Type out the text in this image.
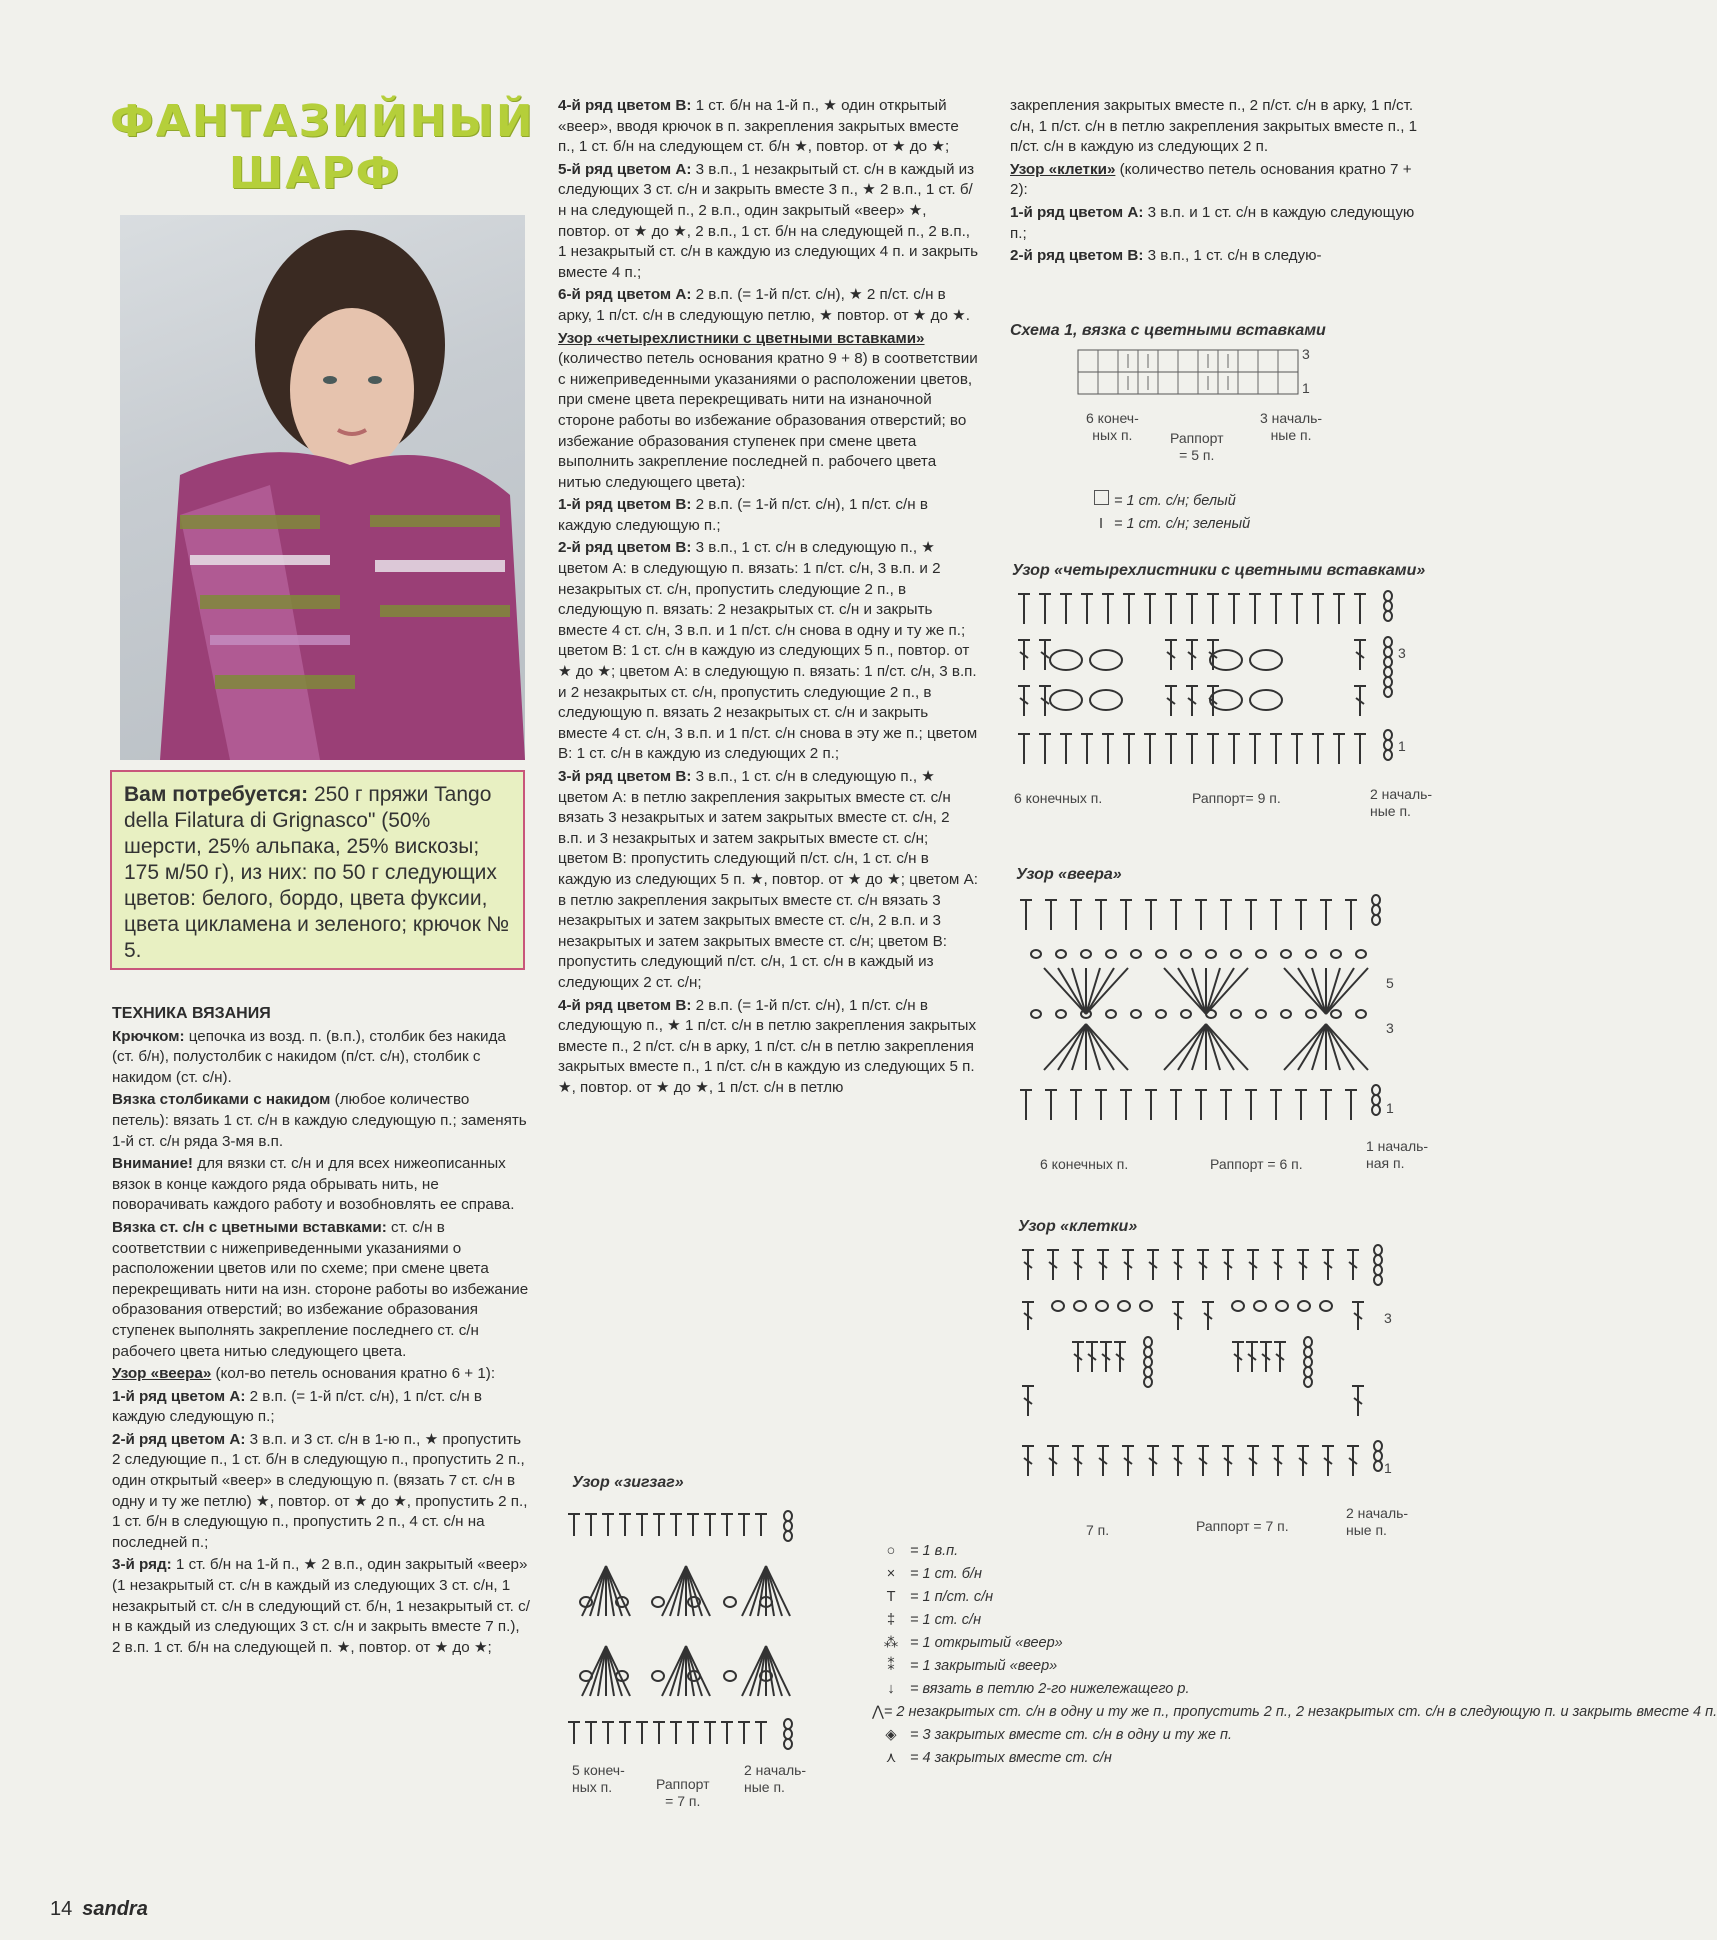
ФАНТАЗИЙНЫЙ
ШАРФ
Вам потребуется: 250 г пряжи Tango della Filatura di Grignasco" (50% шерсти, 25% альпака, 25% вискозы; 175 м/50 г), из них: по 50 г следующих цветов: белого, бордо, цвета фуксии, цвета цикламена и зеленого; крючок № 5.
ТЕХНИКА ВЯЗАНИЯ

Крючком: цепочка из возд. п. (в.п.), столбик без накида (ст. б/н), полустолбик с накидом (п/ст. с/н), столбик с накидом (ст. с/н).

Вязка столбиками с накидом (любое количество петель): вязать 1 ст. с/н в каждую следующую п.; заменять 1-й ст. с/н ряда 3-мя в.п.

Внимание! для вязки ст. с/н и для всех нижеописанных вязок в конце каждого ряда обрывать нить, не поворачивать каждого работу и возобновлять ее справа.

Вязка ст. с/н с цветными вставками: ст. с/н в соответствии с нижеприведенными указаниями о расположении цветов или по схеме; при смене цвета перекрещивать нити на изн. стороне работы во избежание образования отверстий; во избежание образования ступенек выполнять закрепление последнего ст. с/н рабочего цвета нитью следующего цвета.

Узор «веера» (кол-во петель основания кратно 6 + 1):

1-й ряд цветом А: 2 в.п. (= 1-й п/ст. с/н), 1 п/ст. с/н в каждую следующую п.;

2-й ряд цветом А: 3 в.п. и 3 ст. с/н в 1-ю п., ★ пропустить 2 следующие п., 1 ст. б/н в следующую п., пропустить 2 п., один открытый «веер» в следующую п. (вязать 7 ст. с/н в одну и ту же петлю) ★, повтор. от ★ до ★, пропустить 2 п., 1 ст. б/н в следующую п., пропустить 2 п., 4 ст. с/н на последней п.;

3-й ряд: 1 ст. б/н на 1-й п., ★ 2 в.п., один закрытый «веер» (1 незакрытый ст. с/н в каждый из следующих 3 ст. с/н, 1 незакрытый ст. с/н в следующий ст. б/н, 1 незакрытый ст. с/н в каждый из следующих 3 ст. с/н и закрыть вместе 7 п.), 2 в.п. 1 ст. б/н на следующей п. ★, повтор. от ★ до ★;

4-й ряд цветом В: 1 ст. б/н на 1-й п., ★ один открытый «веер», вводя крючок в п. закрепления закрытых вместе п., 1 ст. б/н на следующем ст. б/н ★, повтор. от ★ до ★;

5-й ряд цветом А: 3 в.п., 1 незакрытый ст. с/н в каждый из следующих 3 ст. с/н и закрыть вместе 3 п., ★ 2 в.п., 1 ст. б/н на следующей п., 2 в.п., один закрытый «веер» ★, повтор. от ★ до ★, 2 в.п., 1 ст. б/н на следующей п., 2 в.п., 1 незакрытый ст. с/н в каждую из следующих 4 п. и закрыть вместе 4 п.;

6-й ряд цветом А: 2 в.п. (= 1-й п/ст. с/н), ★ 2 п/ст. с/н в арку, 1 п/ст. с/н в следующую петлю, ★ повтор. от ★ до ★.

Узор «четырехлистники с цветными вставками» (количество петель основания кратно 9 + 8) в соответствии с нижеприведенными указаниями о расположении цветов, при смене цвета перекрещивать нити на изнаночной стороне работы во избежание образования отверстий; во избежание образования ступенек при смене цвета выполнить закрепление последней п. рабочего цвета нитью следующего цвета):

1-й ряд цветом В: 2 в.п. (= 1-й п/ст. с/н), 1 п/ст. с/н в каждую следующую п.;

2-й ряд цветом В: 3 в.п., 1 ст. с/н в следующую п., ★ цветом А: в следующую п. вязать: 1 п/ст. с/н, 3 в.п. и 2 незакрытых ст. с/н, пропустить следующие 2 п., в следующую п. вязать: 2 незакрытых ст. с/н и закрыть вместе 4 ст. с/н, 3 в.п. и 1 п/ст. с/н снова в одну и ту же п.; цветом В: 1 ст. с/н в каждую из следующих 5 п., повтор. от ★ до ★; цветом А: в следующую п. вязать: 1 п/ст. с/н, 3 в.п. и 2 незакрытых ст. с/н, пропустить следующие 2 п., в следующую п. вязать 2 незакрытых ст. с/н и закрыть вместе 4 ст. с/н, 3 в.п. и 1 п/ст. с/н снова в эту же п.; цветом В: 1 ст. с/н в каждую из следующих 2 п.;

3-й ряд цветом В: 3 в.п., 1 ст. с/н в следующую п., ★ цветом А: в петлю закрепления закрытых вместе ст. с/н вязать 3 незакрытых и затем закрытых вместе ст. с/н, 2 в.п. и 3 незакрытых и затем закрытых вместе ст. с/н; цветом В: пропустить следующий п/ст. с/н, 1 ст. с/н в каждую из следующих 5 п. ★, повтор. от ★ до ★; цветом А: в петлю закрепления закрытых вместе ст. с/н вязать 3 незакрытых и затем закрытых вместе ст. с/н, 2 в.п. и 3 незакрытых и затем закрытых вместе ст. с/н; цветом В: пропустить следующий п/ст. с/н, 1 ст. с/н в каждый из следующих 2 ст. с/н;

4-й ряд цветом В: 2 в.п. (= 1-й п/ст. с/н), 1 п/ст. с/н в следующую п., ★ 1 п/ст. с/н в петлю закрепления закрытых вместе п., 2 п/ст. с/н в арку, 1 п/ст. с/н в петлю закрепления закрытых вместе п., 1 п/ст. с/н в каждую из следующих 5 п. ★, повтор. от ★ до ★, 1 п/ст. с/н в петлю

закрепления закрытых вместе п., 2 п/ст. с/н в арку, 1 п/ст. с/н, 1 п/ст. с/н в петлю закрепления закрытых вместе п., 1 п/ст. с/н в каждую из следующих 2 п.

Узор «клетки» (количество петель основания кратно 7 + 2):

1-й ряд цветом А: 3 в.п. и 1 ст. с/н в каждую следующую п.;

2-й ряд цветом В: 3 в.п., 1 ст. с/н в следую-

Схема 1, вязка с цветными вставками
3
1
6 конеч-
ных п.	Раппорт
= 5 п.
3 началь-
ные п.
= 1 ст. с/н; белый
I = 1 ст. с/н; зеленый
Узор «четырехлистники с цветными вставками»
3
1
6 конечных п.	Раппорт= 9 п.	2 началь-
ные п.
Узор «веера»
5
3
1
6 конечных п.	Раппорт = 6 п.
1 началь-
ная п.
Узор «клетки»
3
1
7 п.	Раппорт = 7 п.
2 началь-
ные п.
Узор «зигзаг»
5 конеч-
ных п.	Раппорт
= 7 п.
2 началь-
ные п.
○	= 1 в.п.
×	= 1 ст. б/н
T	= 1 п/ст. с/н
‡	= 1 ст. с/н
⁂ = 1 открытый «веер»
⁑	= 1 закрытый «веер»
↓	= вязать в петлю 2-го нижележащего р.
⋀ = 2 незакрытых ст. с/н в одну и ту же п., пропустить 2 п., 2 незакрытых ст. с/н в следующую п. и закрыть вместе 4 п.
◈ = 3 закрытых вместе ст. с/н в одну и ту же п.
⋏ = 4 закрытых вместе ст. с/н
14 sandra
